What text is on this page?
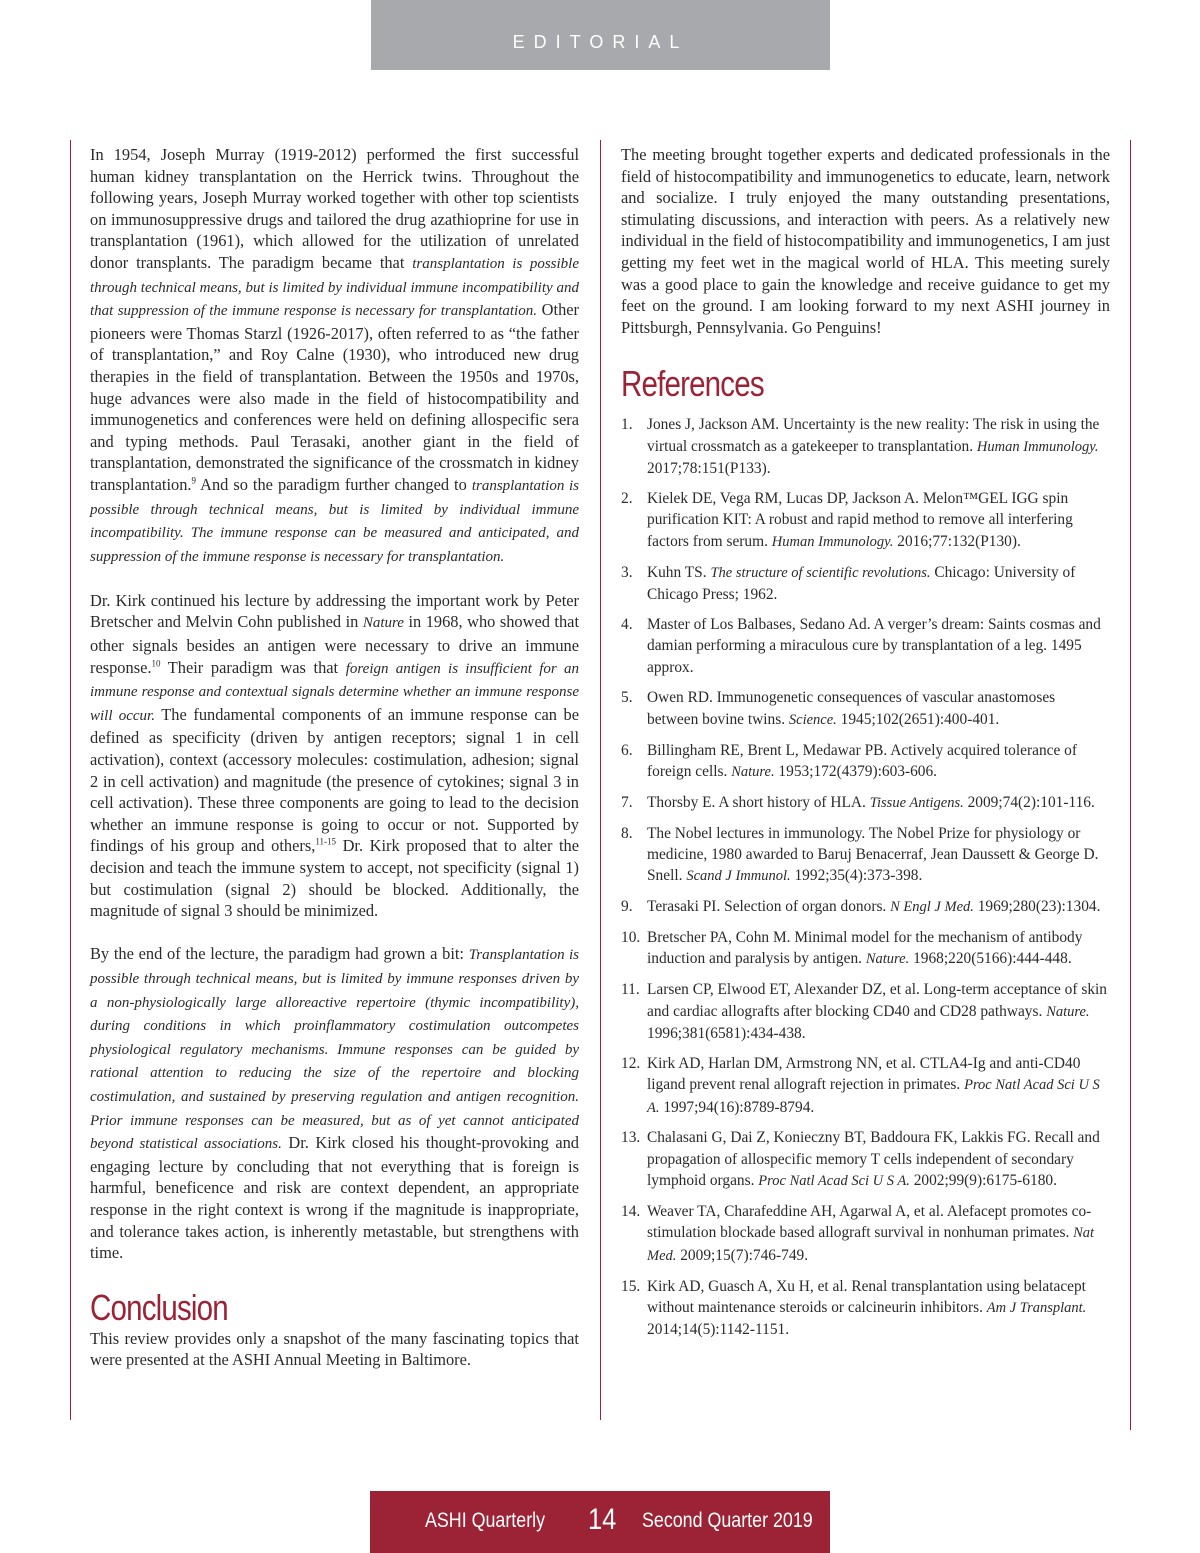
EDITORIAL

In 1954, Joseph Murray (1919-2012) performed the first successful human kidney transplantation on the Herrick twins. Throughout the following years, Joseph Murray worked together with other top scientists on immunosuppressive drugs and tailored the drug azathioprine for use in transplantation (1961), which allowed for the utilization of unrelated donor transplants. The paradigm became that transplantation is possible through technical means, but is limited by individual immune incompatibility and that suppression of the immune response is necessary for transplantation. Other pioneers were Thomas Starzl (1926-2017), often referred to as “the father of transplantation,” and Roy Calne (1930), who introduced new drug therapies in the field of transplantation. Between the 1950s and 1970s, huge advances were also made in the field of histocompatibility and immunogenetics and conferences were held on defining allospecific sera and typing methods. Paul Terasaki, another giant in the field of transplantation, demonstrated the significance of the crossmatch in kidney transplantation.$^9$ And so the paradigm further changed to transplantation is possible through technical means, but is limited by individual immune incompatibility. The immune response can be measured and anticipated, and suppression of the immune response is necessary for transplantation.

Dr. Kirk continued his lecture by addressing the important work by Peter Bretscher and Melvin Cohn published in Nature in 1968, who showed that other signals besides an antigen were necessary to drive an immune response.$^{10}$ Their paradigm was that foreign antigen is insufficient for an immune response and contextual signals determine whether an immune response will occur. The fundamental components of an immune response can be defined as specificity (driven by antigen receptors; signal 1 in cell activation), context (accessory molecules: costimulation, adhesion; signal 2 in cell activation) and magnitude (the presence of cytokines; signal 3 in cell activation). These three components are going to lead to the decision whether an immune response is going to occur or not. Supported by findings of his group and others,$^{11-15}$ Dr. Kirk proposed that to alter the decision and teach the immune system to accept, not specificity (signal 1) but costimulation (signal 2) should be blocked. Additionally, the magnitude of signal 3 should be minimized.

By the end of the lecture, the paradigm had grown a bit: Transplantation is possible through technical means, but is limited by immune responses driven by a non-physiologically large alloreactive repertoire (thymic incompatibility), during conditions in which proinflammatory costimulation outcompetes physiological regulatory mechanisms. Immune responses can be guided by rational attention to reducing the size of the repertoire and blocking costimulation, and sustained by preserving regulation and antigen recognition. Prior immune responses can be measured, but as of yet cannot anticipated beyond statistical associations. Dr. Kirk closed his thought-provoking and engaging lecture by concluding that not everything that is foreign is harmful, beneficence and risk are context dependent, an appropriate response in the right context is wrong if the magnitude is inappropriate, and tolerance takes action, is inherently metastable, but strengthens with time.

Conclusion

This review provides only a snapshot of the many fascinating topics that were presented at the ASHI Annual Meeting in Baltimore.

The meeting brought together experts and dedicated professionals in the field of histocompatibility and immunogenetics to educate, learn, network and socialize. I truly enjoyed the many outstanding presentations, stimulating discussions, and interaction with peers. As a relatively new individual in the field of histocompatibility and immunogenetics, I am just getting my feet wet in the magical world of HLA. This meeting surely was a good place to gain the knowledge and receive guidance to get my feet on the ground. I am looking forward to my next ASHI journey in Pittsburgh, Pennsylvania. Go Penguins!

References
1. Jones J, Jackson AM. Uncertainty is the new reality: The risk in using the virtual crossmatch as a gatekeeper to transplantation. Human Immunology. 2017;78:151(P133).
2. Kielek DE, Vega RM, Lucas DP, Jackson A. Melon™GEL IGG spin purification KIT: A robust and rapid method to remove all interfering factors from serum. Human Immunology. 2016;77:132(P130).
3. Kuhn TS. The structure of scientific revolutions. Chicago: University of Chicago Press; 1962.
4. Master of Los Balbases, Sedano Ad. A verger’s dream: Saints cosmas and damian performing a miraculous cure by transplantation of a leg. 1495 approx.
5. Owen RD. Immunogenetic consequences of vascular anastomoses between bovine twins. Science. 1945;102(2651):400-401.
6. Billingham RE, Brent L, Medawar PB. Actively acquired tolerance of foreign cells. Nature. 1953;172(4379):603-606.
7. Thorsby E. A short history of HLA. Tissue Antigens. 2009;74(2):101-116.
8. The Nobel lectures in immunology. The Nobel Prize for physiology or medicine, 1980 awarded to Baruj Benacerraf, Jean Daussett & George D. Snell. Scand J Immunol. 1992;35(4):373-398.
9. Terasaki PI. Selection of organ donors. N Engl J Med. 1969;280(23):1304.
10. Bretscher PA, Cohn M. Minimal model for the mechanism of antibody induction and paralysis by antigen. Nature. 1968;220(5166):444-448.
11. Larsen CP, Elwood ET, Alexander DZ, et al. Long-term acceptance of skin and cardiac allografts after blocking CD40 and CD28 pathways. Nature. 1996;381(6581):434-438.
12. Kirk AD, Harlan DM, Armstrong NN, et al. CTLA4-Ig and anti-CD40 ligand prevent renal allograft rejection in primates. Proc Natl Acad Sci U S A. 1997;94(16):8789-8794.
13. Chalasani G, Dai Z, Konieczny BT, Baddoura FK, Lakkis FG. Recall and propagation of allospecific memory T cells independent of secondary lymphoid organs. Proc Natl Acad Sci U S A. 2002;99(9):6175-6180.
14. Weaver TA, Charafeddine AH, Agarwal A, et al. Alefacept promotes co-stimulation blockade based allograft survival in nonhuman primates. Nat Med. 2009;15(7):746-749.
15. Kirk AD, Guasch A, Xu H, et al. Renal transplantation using belatacept without maintenance steroids or calcineurin inhibitors. Am J Transplant. 2014;14(5):1142-1151.
ASHI Quarterly 14 Second Quarter 2019
